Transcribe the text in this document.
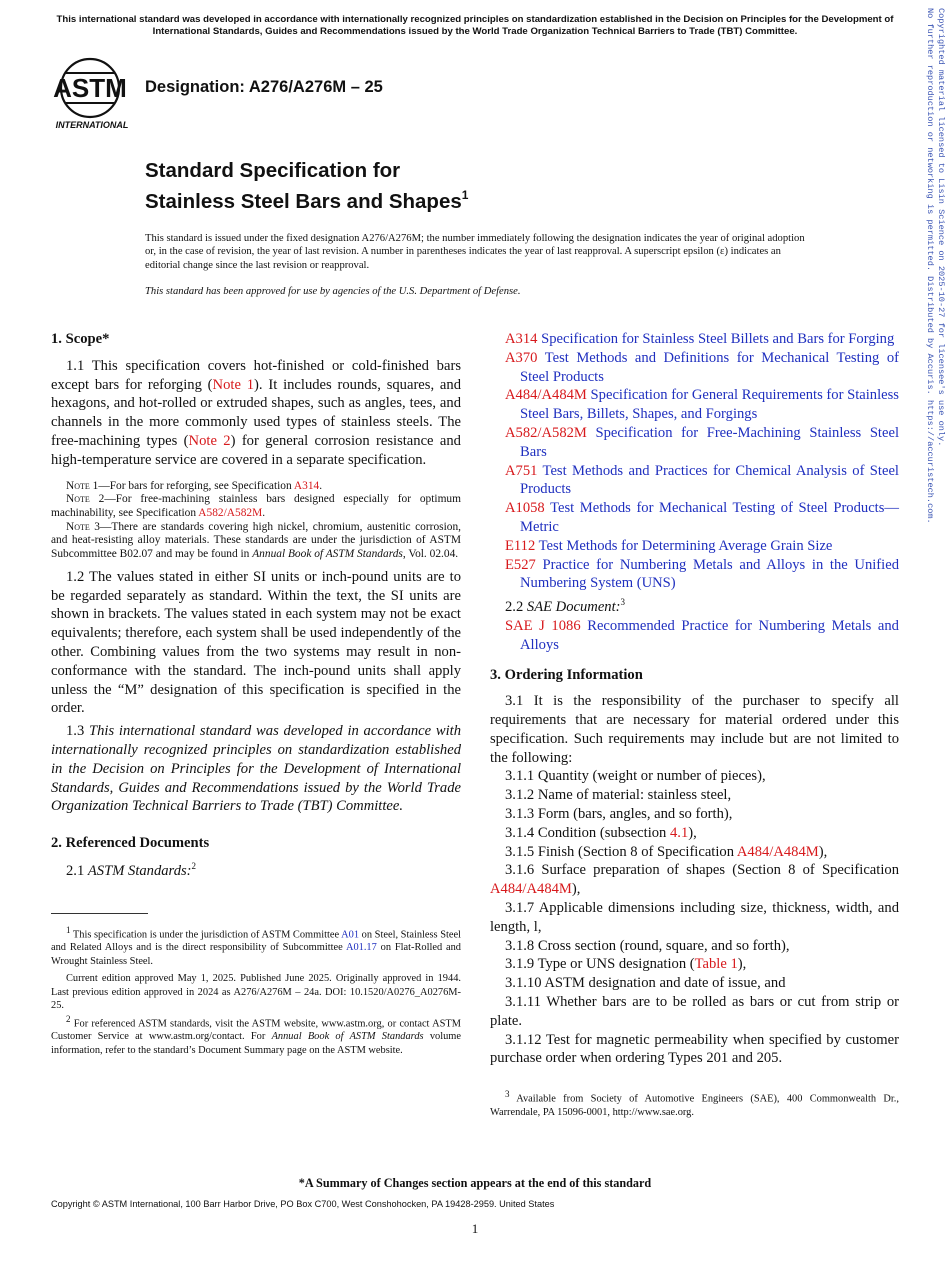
This international standard was developed in accordance with internationally recognized principles on standardization established in the Decision on Principles for the Development of International Standards, Guides and Recommendations issued by the World Trade Organization Technical Barriers to Trade (TBT) Committee.	Copyrighted material licensed to Lisin Science on 2025-10-27 for licensee's use only.
No further reproduction or networking is permitted. Distributed by Accuris. https://accuristech.com.
ASTM
INTERNATIONAL
Designation: A276/A276M – 25
Standard Specification for
Stainless Steel Bars and Shapes$^1$
This standard is issued under the fixed designation A276/A276M; the number immediately following the designation indicates the year of original adoption or, in the case of revision, the year of last revision. A number in parentheses indicates the year of last reapproval. A superscript epsilon (ε) indicates an editorial change since the last revision or reapproval.
This standard has been approved for use by agencies of the U.S. Department of Defense.

1. Scope*

1.1 This specification covers hot-finished or cold-finished bars except bars for reforging (Note 1). It includes rounds, squares, and hexagons, and hot-rolled or extruded shapes, such as angles, tees, and channels in the more commonly used types of stainless steels. The free-machining types (Note 2) for general corrosion resistance and high-temperature service are covered in a separate specification.

Note 1—For bars for reforging, see Specification A314.
Note 2—For free-machining stainless bars designed especially for optimum machinability, see Specification A582/A582M.
Note 3—There are standards covering high nickel, chromium, austenitic corrosion, and heat-resisting alloy materials. These standards are under the jurisdiction of ASTM Subcommittee B02.07 and may be found in Annual Book of ASTM Standards, Vol. 02.04.

1.2 The values stated in either SI units or inch-pound units are to be regarded separately as standard. Within the text, the SI units are shown in brackets. The values stated in each system may not be exact equivalents; therefore, each system shall be used independently of the other. Combining values from the two systems may result in non-conformance with the standard. The inch-pound units shall apply unless the “M” designation of this specification is specified in the order.

1.3 This international standard was developed in accordance with internationally recognized principles on standardization established in the Decision on Principles for the Development of International Standards, Guides and Recommendations issued by the World Trade Organization Technical Barriers to Trade (TBT) Committee.

2. Referenced Documents

2.1 ASTM Standards:$^2$

$^1$ This specification is under the jurisdiction of ASTM Committee A01 on Steel, Stainless Steel and Related Alloys and is the direct responsibility of Subcommittee A01.17 on Flat-Rolled and Wrought Stainless Steel.

Current edition approved May 1, 2025. Published June 2025. Originally approved in 1944. Last previous edition approved in 2024 as A276/A276M – 24a. DOI: 10.1520/A0276_A0276M-25.

$^2$ For referenced ASTM standards, visit the ASTM website, www.astm.org, or contact ASTM Customer Service at www.astm.org/contact. For Annual Book of ASTM Standards volume information, refer to the standard’s Document Summary page on the ASTM website.

A314 Specification for Stainless Steel Billets and Bars for Forging

A370 Test Methods and Definitions for Mechanical Testing of Steel Products

A484/A484M Specification for General Requirements for Stainless Steel Bars, Billets, Shapes, and Forgings

A582/A582M Specification for Free-Machining Stainless Steel Bars

A751 Test Methods and Practices for Chemical Analysis of Steel Products

A1058 Test Methods for Mechanical Testing of Steel Products—Metric

E112 Test Methods for Determining Average Grain Size

E527 Practice for Numbering Metals and Alloys in the Unified Numbering System (UNS)

2.2 SAE Document:$^3$

SAE J 1086 Recommended Practice for Numbering Metals and Alloys

3. Ordering Information

3.1 It is the responsibility of the purchaser to specify all requirements that are necessary for material ordered under this specification. Such requirements may include but are not limited to the following:

3.1.1 Quantity (weight or number of pieces),

3.1.2 Name of material: stainless steel,

3.1.3 Form (bars, angles, and so forth),

3.1.4 Condition (subsection 4.1),

3.1.5 Finish (Section 8 of Specification A484/A484M),

3.1.6 Surface preparation of shapes (Section 8 of Specification A484/A484M),

3.1.7 Applicable dimensions including size, thickness, width, and length, l,

3.1.8 Cross section (round, square, and so forth),

3.1.9 Type or UNS designation (Table 1),

3.1.10 ASTM designation and date of issue, and

3.1.11 Whether bars are to be rolled as bars or cut from strip or plate.

3.1.12 Test for magnetic permeability when specified by customer purchase order when ordering Types 201 and 205.

$^3$ Available from Society of Automotive Engineers (SAE), 400 Commonwealth Dr., Warrendale, PA 15096-0001, http://www.sae.org.

*A Summary of Changes section appears at the end of this standard
Copyright © ASTM International, 100 Barr Harbor Drive, PO Box C700, West Conshohocken, PA 19428-2959. United States
1
